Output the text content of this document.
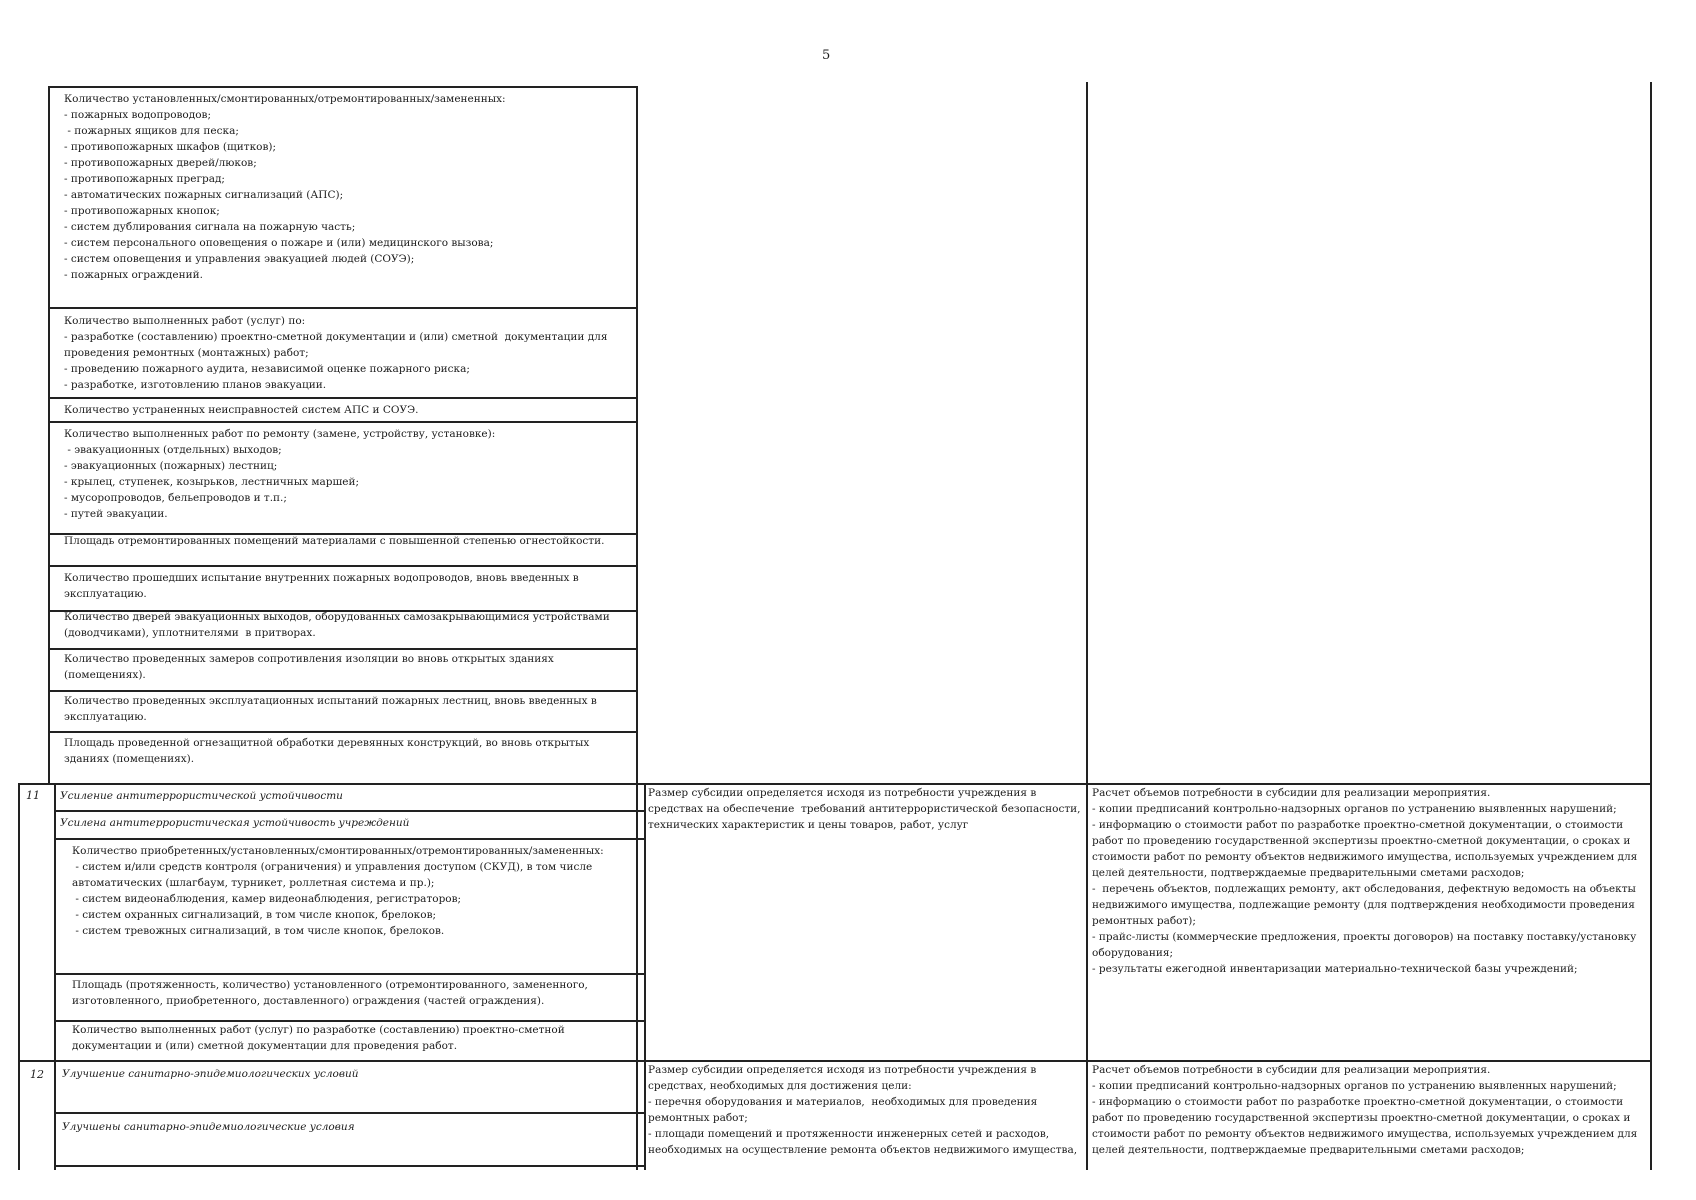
5
Количество установленных/смонтированных/отремонтированных/замененных:
- пожарных водопроводов;
- пожарных ящиков для песка;
- противопожарных шкафов (щитков);
- противопожарных дверей/люков;
- противопожарных преград;
- автоматических пожарных сигнализаций (АПС);
- противопожарных кнопок;
- систем дублирования сигнала на пожарную часть;
- систем персонального оповещения о пожаре и (или) медицинского вызова;
- систем оповещения и управления эвакуацией людей (СОУЭ);
- пожарных ограждений.
Количество выполненных работ (услуг) по:
- разработке (составлению) проектно-сметной документации и (или) сметной  документации для проведения ремонтных (монтажных) работ;
- проведению пожарного аудита, независимой оценке пожарного риска;
- разработке, изготовлению планов эвакуации.
Количество устраненных неисправностей систем АПС и СОУЭ.
Количество выполненных работ по ремонту (замене, устройству, установке):
- эвакуационных (отдельных) выходов;
- эвакуационных (пожарных) лестниц;
- крылец, ступенек, козырьков, лестничных маршей;
- мусоропроводов, бельепроводов и т.п.;
- путей эвакуации.
Площадь отремонтированных помещений материалами с повышенной степенью огнестойкости.
Количество прошедших испытание внутренних пожарных водопроводов, вновь введенных в эксплуатацию.
Количество дверей эвакуационных выходов, оборудованных самозакрывающимися устройствами (доводчиками), уплотнителями  в притворах.
Количество проведенных замеров сопротивления изоляции во вновь открытых зданиях (помещениях).
Количество проведенных эксплуатационных испытаний пожарных лестниц, вновь введенных в эксплуатацию.
Площадь проведенной огнезащитной обработки деревянных конструкций, во вновь открытых зданиях (помещениях).
11 Усиление антитеррористической устойчивости
Усилена антитеррористическая устойчивость учреждений
Количество приобретенных/установленных/смонтированных/отремонтированных/замененных:
- систем и/или средств контроля (ограничения) и управления доступом (СКУД), в том числе автоматических (шлагбаум, турникет, роллетная система и пр.);
- систем видеонаблюдения, камер видеонаблюдения, регистраторов;
- систем охранных сигнализаций, в том числе кнопок, брелоков;
- систем тревожных сигнализаций, в том числе кнопок, брелоков.
Площадь (протяженность, количество) установленного (отремонтированного, замененного, изготовленного, приобретенного, доставленного) ограждения (частей ограждения).
Количество выполненных работ (услуг) по разработке (составлению) проектно-сметной документации и (или) сметной документации для проведения работ.
Размер субсидии определяется исходя из потребности учреждения в средствах на обеспечение  требований антитеррористической безопасности, технических характеристик и цены товаров, работ, услуг
Расчет объемов потребности в субсидии для реализации мероприятия.
- копии предписаний контрольно-надзорных органов по устранению выявленных нарушений;
- информацию о стоимости работ по разработке проектно-сметной документации, о стоимости работ по проведению государственной экспертизы проектно-сметной документации, о сроках и стоимости работ по ремонту объектов недвижимого имущества, используемых учреждением для целей деятельности, подтверждаемые предварительными сметами расходов;
-  перечень объектов, подлежащих ремонту, акт обследования, дефектную ведомость на объекты недвижимого имущества, подлежащие ремонту (для подтверждения необходимости проведения ремонтных работ);
- прайс-листы (коммерческие предложения, проекты договоров) на поставку поставку/установку оборудования;
- результаты ежегодной инвентаризации материально-технической базы учреждений;
12 Улучшение санитарно-эпидемиологических условий
Улучшены санитарно-эпидемиологические условия
Размер субсидии определяется исходя из потребности учреждения в средствах, необходимых для достижения цели:
- перечня оборудования и материалов,  необходимых для проведения ремонтных работ;
- площади помещений и протяженности инженерных сетей и расходов, необходимых на осуществление ремонта объектов недвижимого имущества,
Расчет объемов потребности в субсидии для реализации мероприятия.
- копии предписаний контрольно-надзорных органов по устранению выявленных нарушений;
- информацию о стоимости работ по разработке проектно-сметной документации, о стоимости работ по проведению государственной экспертизы проектно-сметной документации, о сроках и стоимости работ по ремонту объектов недвижимого имущества, используемых учреждением для целей деятельности, подтверждаемые предварительными сметами расходов;
